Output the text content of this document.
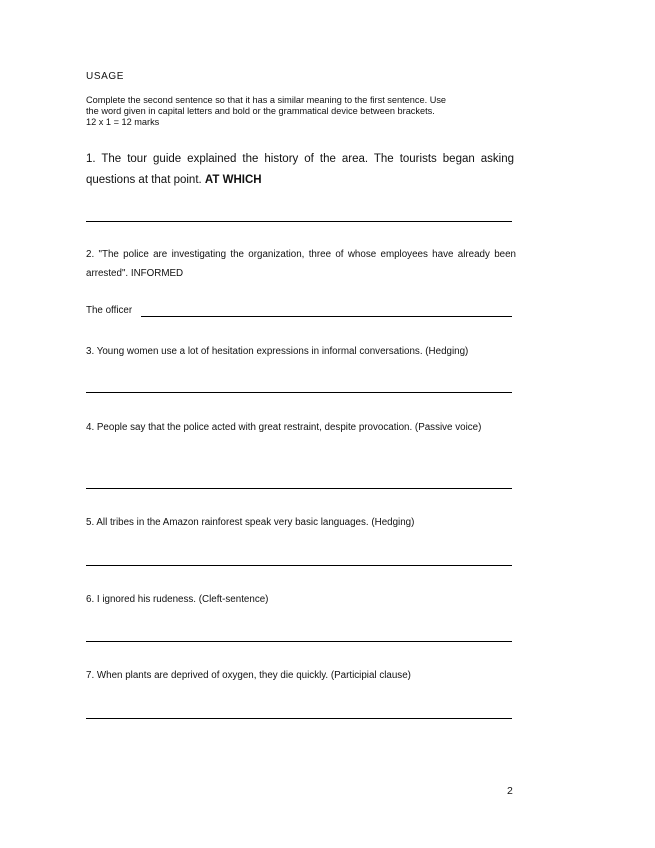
USAGE
Complete the second sentence so that it has a similar meaning to the first sentence. Use
the word given in capital letters and bold or the grammatical device between brackets.
12 x 1 = 12 marks
1. The tour guide explained the history of the area. The tourists began asking questions at that point. AT WHICH
2. "The police are investigating the organization, three of whose employees have already been arrested". INFORMED
The officer
3. Young women use a lot of hesitation expressions in informal conversations. (Hedging)
4. People say that the police acted with great restraint, despite provocation. (Passive voice)
5. All tribes in the Amazon rainforest speak very basic languages. (Hedging)
6. I ignored his rudeness. (Cleft-sentence)
7. When plants are deprived of oxygen, they die quickly. (Participial clause)
2
